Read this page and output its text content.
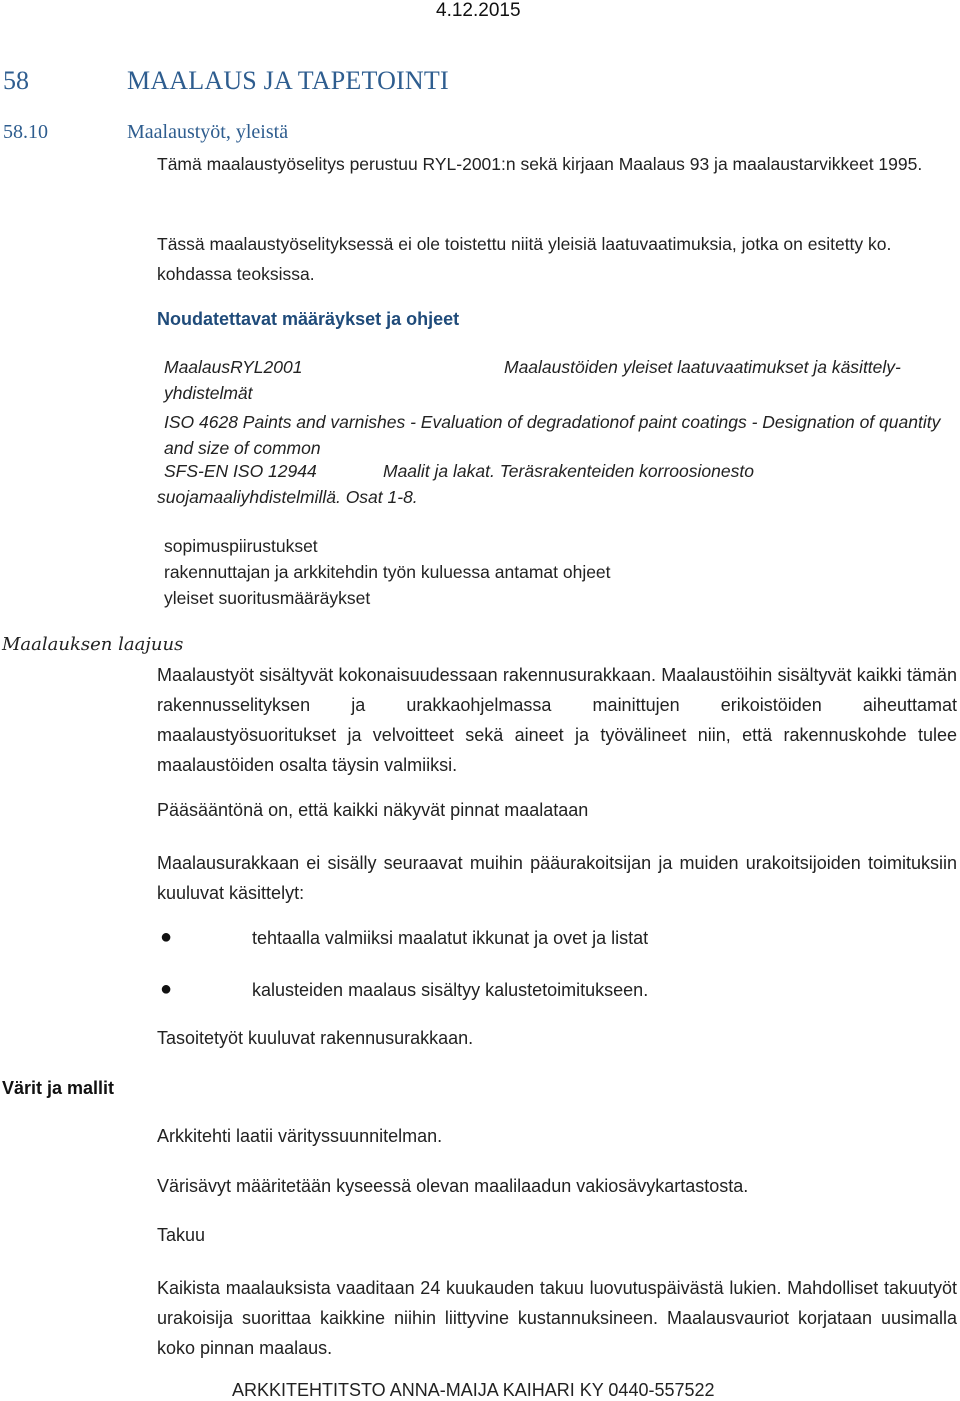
4.12.2015
58	MAALAUS JA TAPETOINTI
58.10	Maalaustyöt, yleistä
Tämä maalaustyöselitys perustuu RYL-2001:n sekä kirjaan Maalaus 93 ja maalaustarvikkeet 1995.
Tässä maalaustyöselityksessä ei ole toistettu niitä yleisiä laatuvaatimuksia, jotka on esitetty ko. kohdassa teoksissa.
Noudatettavat määräykset ja ohjeet
MaalausRYL2001	Maalaustöiden yleiset laatuvaatimukset ja käsittely-
yhdistelmät
ISO 4628 Paints and varnishes - Evaluation of degradationof paint coatings - Designation of quantity and size of common
SFS-EN ISO 12944	Maalit ja lakat. Teräsrakenteiden korroosionesto
suojamaaliyhdistelmillä. Osat 1-8.
sopimuspiirustukset
rakennuttajan ja arkkitehdin työn kuluessa antamat ohjeet
yleiset suoritusmääräykset
Maalauksen laajuus
Maalaustyöt sisältyvät kokonaisuudessaan rakennusurakkaan. Maalaustöihin sisältyvät kaikki tämän rakennusselityksen ja urakkaohjelmassa mainittujen erikoistöiden aiheuttamat maalaustyösuoritukset ja velvoitteet sekä aineet ja työvälineet niin, että rakennuskohde tulee maalaustöiden osalta täysin valmiiksi.
Pääsääntönä on, että kaikki näkyvät pinnat maalataan
Maalausurakkaan ei sisälly seuraavat muihin pääurakoitsijan ja muiden urakoitsijoiden toimituksiin kuuluvat käsittelyt:
●	tehtaalla valmiiksi maalatut ikkunat ja ovet ja listat
●	kalusteiden maalaus sisältyy kalustetoimitukseen.
Tasoitetyöt kuuluvat rakennusurakkaan.
Värit ja mallit
Arkkitehti laatii värityssuunnitelman.
Värisävyt määritetään kyseessä olevan maalilaadun vakiosävykartastosta.
Takuu
Kaikista maalauksista vaaditaan 24 kuukauden takuu luovutuspäivästä lukien. Mahdolliset takuutyöt urakoisija suorittaa kaikkine niihin liittyvine kustannuksineen. Maalausvauriot korjataan uusimalla koko pinnan maalaus.
ARKKITEHTITSTO ANNA-MAIJA KAIHARI KY 0440-557522
